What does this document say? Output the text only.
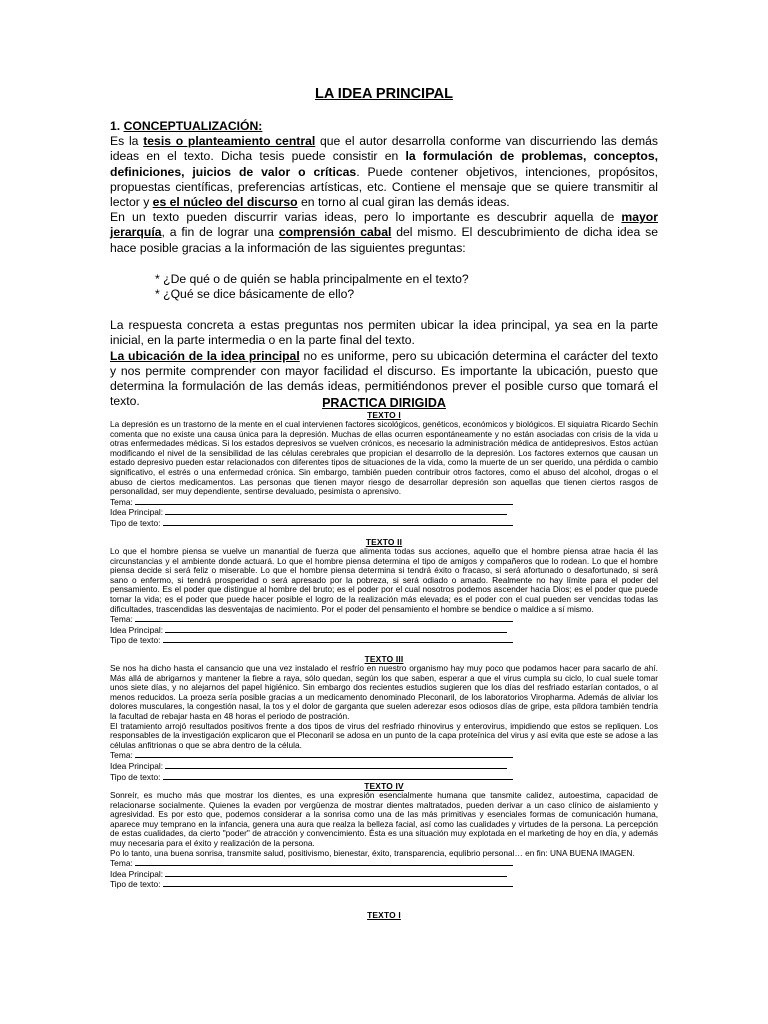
LA IDEA PRINCIPAL

1. CONCEPTUALIZACIÓN:

Es la tesis o planteamiento central que el autor desarrolla conforme van discurriendo las demás ideas en el texto. Dicha tesis puede consistir en la formulación de problemas, conceptos, definiciones, juicios de valor o críticas. Puede contener objetivos, intenciones, propósitos, propuestas científicas, preferencias artísticas, etc. Contiene el mensaje que se quiere transmitir al lector y es el núcleo del discurso en torno al cual giran las demás ideas.

En un texto pueden discurrir varias ideas, pero lo importante es descubrir aquella de mayor jerarquía, a fin de lograr una comprensión cabal del mismo. El descubrimiento de dicha idea se hace posible gracias a la información de las siguientes preguntas:

* ¿De qué o de quién se habla principalmente en el texto?
* ¿Qué se dice básicamente de ello?

La respuesta concreta a estas preguntas nos permiten ubicar la idea principal, ya sea en la parte inicial, en la parte intermedia o en la parte final del texto.

La ubicación de la idea principal no es uniforme, pero su ubicación determina el carácter del texto y nos permite comprender con mayor facilidad el discurso. Es importante la ubicación, puesto que determina la formulación de las demás ideas, permitiéndonos prever el posible curso que tomará el texto.	PRACTICA DIRIGIDA
TEXTO I
La depresión es un trastorno de la mente en el cual intervienen factores sicológicos, genéticos, económicos y biológicos. El siquiatra Ricardo Sechín comenta que no existe una causa única para la depresión. Muchas de ellas ocurren espontáneamente y no están asociadas con crisis de la vida u otras enfermedades médicas. Si los estados depresivos se vuelven crónicos, es necesario la administración médica de antidepresivos. Estos actúan modificando el nivel de la sensibilidad de las células cerebrales que propician el desarrollo de la depresión. Los factores externos que causan un estado depresivo pueden estar relacionados con diferentes tipos de situaciones de la vida, como la muerte de un ser querido, una pérdida o cambio significativo, el estrés o una enfermedad crónica. Sin embargo, también pueden contribuir otros factores, como el abuso del alcohol, drogas o el abuso de ciertos medicamentos. Las personas que tienen mayor riesgo de desarrollar depresión son aquellas que tienen ciertos rasgos de personalidad, ser muy dependiente, sentirse devaluado, pesimista o aprensivo.
Tema:
Idea Principal:
Tipo de texto:
TEXTO II
Lo que el hombre piensa se vuelve un manantial de fuerza que alimenta todas sus acciones, aquello que el hombre piensa atrae hacia él las circunstancias y el ambiente donde actuará. Lo que el hombre piensa determina el tipo de amigos y compañeros que lo rodean. Lo que el hombre piensa decide si será feliz o miserable. Lo que el hombre piensa determina si tendrá éxito o fracaso, si será afortunado o desafortunado, si será sano o enfermo, si tendrá prosperidad o será apresado por la pobreza, si será odiado o amado. Realmente no hay límite para el poder del pensamiento. Es el poder que distingue al hombre del bruto; es el poder por el cual nosotros podemos ascender hacia Dios; es el poder que puede tornar la vida; es el poder que puede hacer posible el logro de la realización más elevada; es el poder con el cual pueden ser vencidas todas las dificultades, trascendidas las desventajas de nacimiento. Por el poder del pensamiento el hombre se bendice o maldice a sí mismo.
Tema:
Idea Principal:
Tipo de texto:
TEXTO III
Se nos ha dicho hasta el cansancio que una vez instalado el resfrío en nuestro organismo hay muy poco que podamos hacer para sacarlo de ahí. Más allá de abrigarnos y mantener la fiebre a raya, sólo quedan, según los que saben, esperar a que el virus cumpla su ciclo, lo cual suele tomar unos siete días, y no alejarnos del papel higiénico. Sin embargo dos recientes estudios sugieren que los días del resfriado estarían contados, o al menos reducidos. La proeza sería posible gracias a un medicamento denominado Pleconaril, de los laboratorios Viropharma. Además de aliviar los dolores musculares, la congestión nasal, la tos y el dolor de garganta que suelen aderezar esos odiosos días de gripe, esta píldora también tendría la facultad de rebajar hasta en 48 horas el periodo de postración.
El tratamiento arrojó resultados positivos frente a dos tipos de virus del resfriado rhinovirus y enterovirus, impidiendo que estos se repliquen. Los responsables de la investigación explicaron que el Pleconaril se adosa en un punto de la capa proteínica del virus y así evita que este se adose a las células anfitrionas o que se abra dentro de la célula.
Tema:
Idea Principal:
Tipo de texto:
TEXTO IV
Sonreír, es mucho más que mostrar los dientes, es una expresión esencialmente humana que tansmite calidez, autoestima, capacidad de relacionarse socialmente. Quienes la evaden por vergüenza de mostrar dientes maltratados, pueden derivar a un caso clínico de aislamiento y agresividad. Es por esto que, podemos considerar a la sonrisa como una de las más primitivas y esenciales formas de comunicación humana, aparece muy temprano en la infancia, genera una aura que realza la belleza facial, así como las cualidades y virtudes de la persona. La percepción de estas cualidades, da cierto "poder" de atracción y convencimiento. Ésta es una situación muy explotada en el marketing de hoy en día, y además muy necesaria para el éxito y realización de la persona.
Po lo tanto, una buena sonrisa, transmite salud, positivismo, bienestar, éxito, transparencia, equlibrio personal… en fin: UNA BUENA IMAGEN.
Tema:
Idea Principal:
Tipo de texto:
TEXTO I
